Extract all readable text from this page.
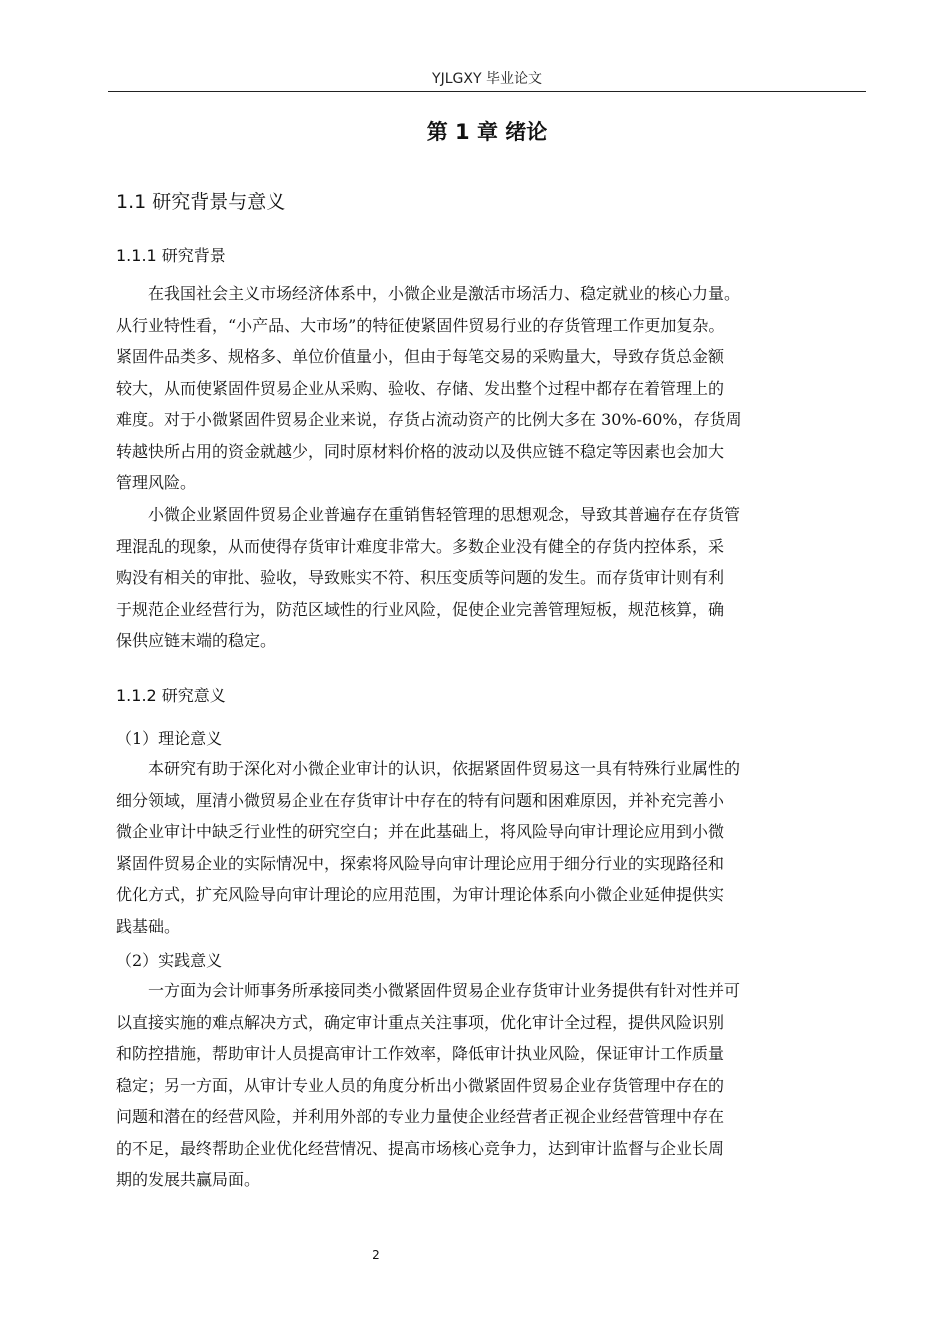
YJLGXY 毕业论文
第 1 章 绪论
1.1 研究背景与意义
1.1.1 研究背景
　　在我国社会主义市场经济体系中，小微企业是激活市场活力、稳定就业的核心力量。
从行业特性看，“小产品、大市场”的特征使紧固件贸易行业的存货管理工作更加复杂。
紧固件品类多、规格多、单位价值量小，但由于每笔交易的采购量大，导致存货总金额
较大，从而使紧固件贸易企业从采购、验收、存储、发出整个过程中都存在着管理上的
难度。对于小微紧固件贸易企业来说，存货占流动资产的比例大多在 30%-60%，存货周
转越快所占用的资金就越少，同时原材料价格的波动以及供应链不稳定等因素也会加大
管理风险。
　　小微企业紧固件贸易企业普遍存在重销售轻管理的思想观念，导致其普遍存在存货管
理混乱的现象，从而使得存货审计难度非常大。多数企业没有健全的存货内控体系，采
购没有相关的审批、验收，导致账实不符、积压变质等问题的发生。而存货审计则有利
于规范企业经营行为，防范区域性的行业风险，促使企业完善管理短板，规范核算，确
保供应链末端的稳定。
1.1.2 研究意义
（1）理论意义
　　本研究有助于深化对小微企业审计的认识，依据紧固件贸易这一具有特殊行业属性的
细分领域，厘清小微贸易企业在存货审计中存在的特有问题和困难原因，并补充完善小
微企业审计中缺乏行业性的研究空白；并在此基础上，将风险导向审计理论应用到小微
紧固件贸易企业的实际情况中，探索将风险导向审计理论应用于细分行业的实现路径和
优化方式，扩充风险导向审计理论的应用范围，为审计理论体系向小微企业延伸提供实
践基础。
（2）实践意义
　　一方面为会计师事务所承接同类小微紧固件贸易企业存货审计业务提供有针对性并可
以直接实施的难点解决方式，确定审计重点关注事项，优化审计全过程，提供风险识别
和防控措施，帮助审计人员提高审计工作效率，降低审计执业风险，保证审计工作质量
稳定；另一方面，从审计专业人员的角度分析出小微紧固件贸易企业存货管理中存在的
问题和潜在的经营风险，并利用外部的专业力量使企业经营者正视企业经营管理中存在
的不足，最终帮助企业优化经营情况、提高市场核心竞争力，达到审计监督与企业长周
期的发展共赢局面。
2
